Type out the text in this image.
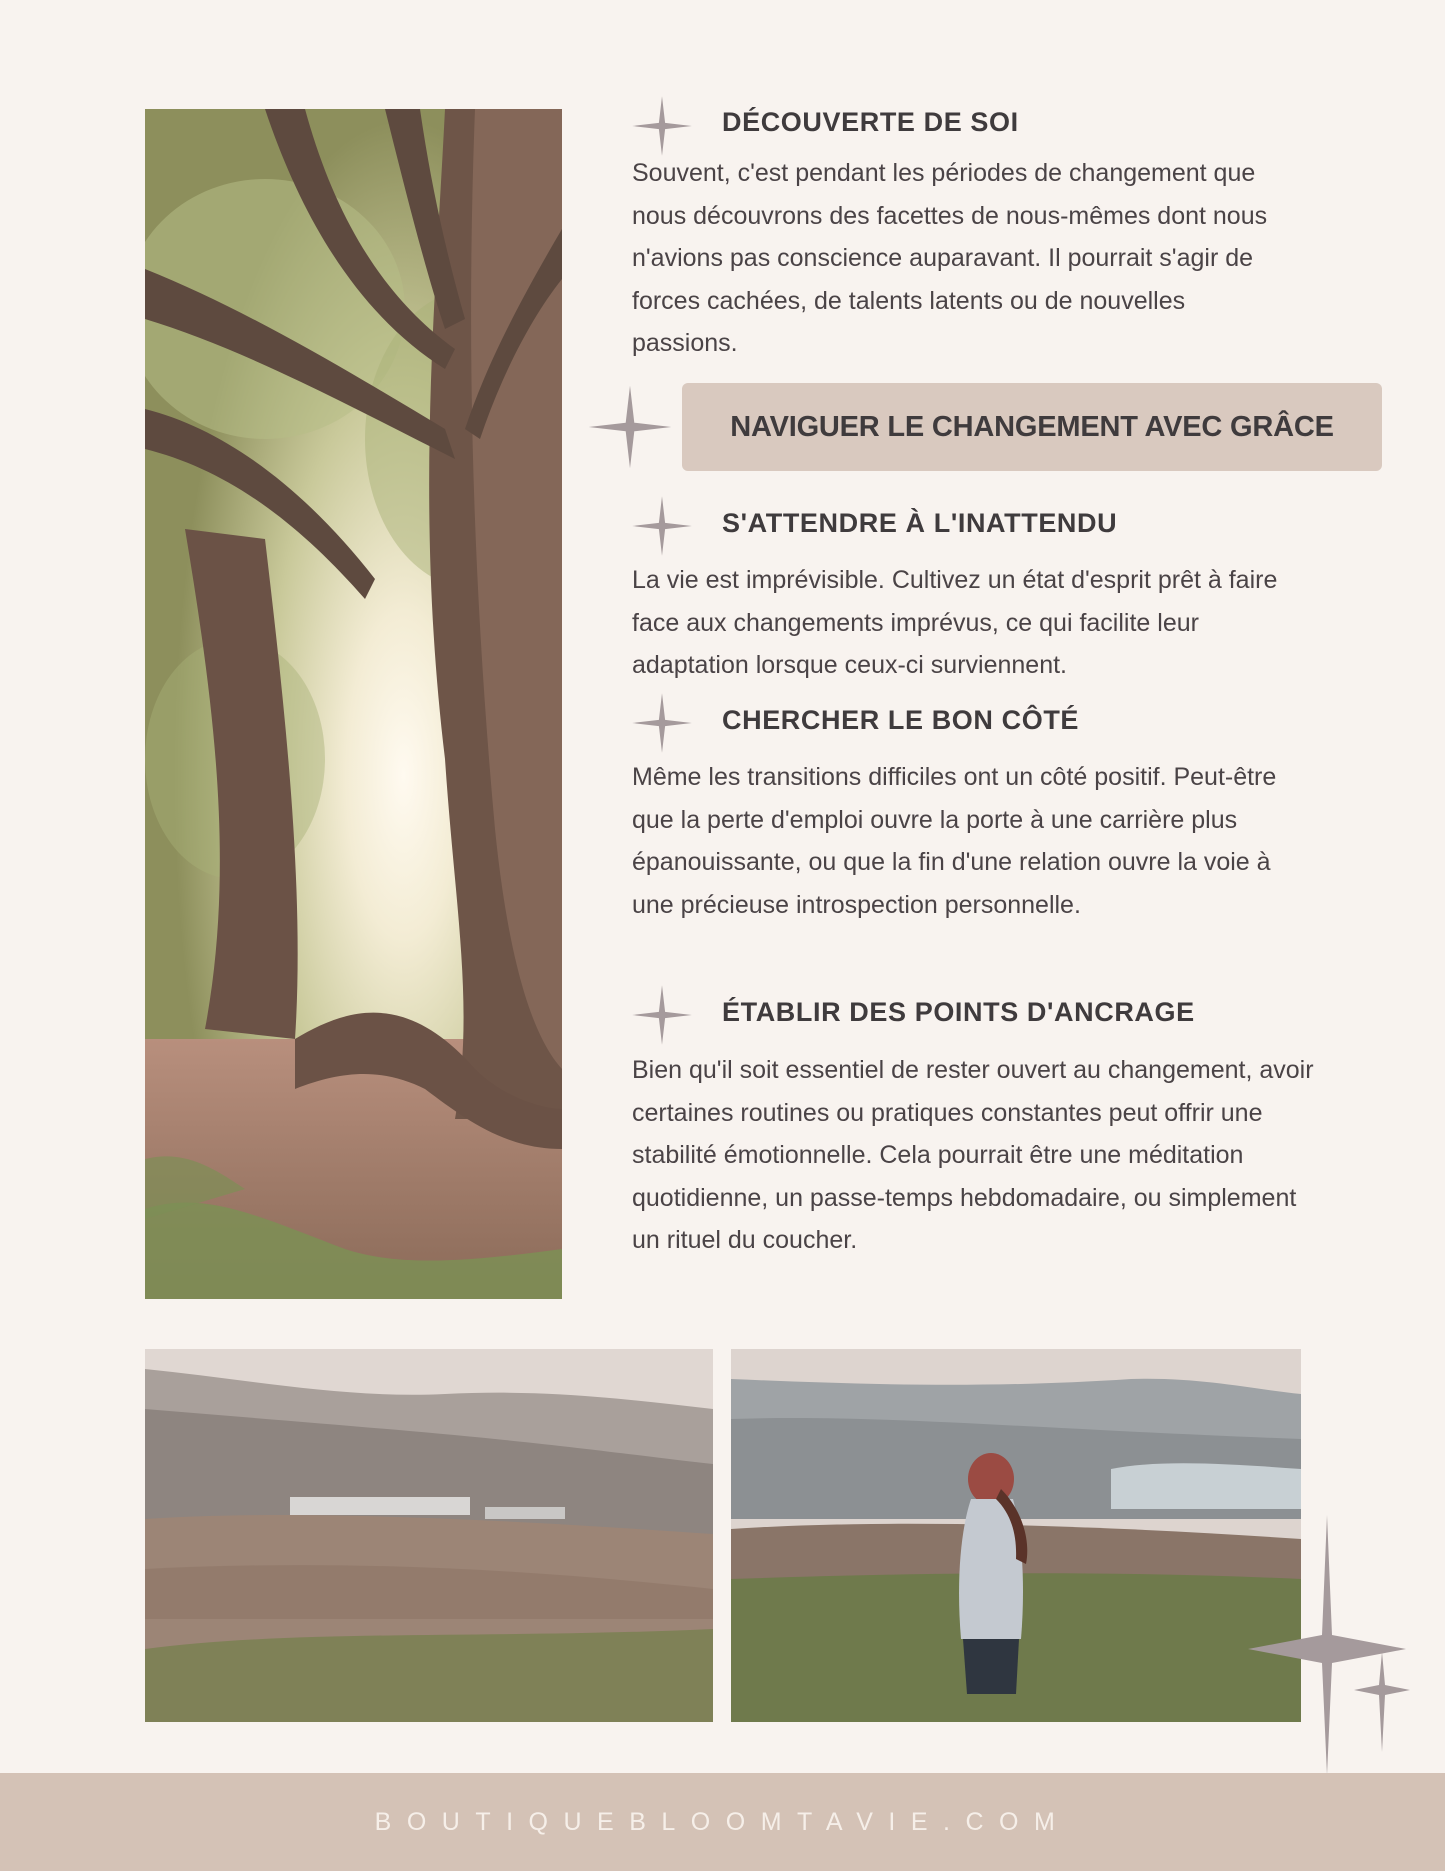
DÉCOUVERTE DE SOI
Souvent, c'est pendant les périodes de changement que nous découvrons des facettes de nous-mêmes dont nous n'avions pas conscience auparavant. Il pourrait s'agir de forces cachées, de talents latents ou de nouvelles passions.
NAVIGUER LE CHANGEMENT AVEC GRÂCE
S'ATTENDRE À L'INATTENDU
La vie est imprévisible. Cultivez un état d'esprit prêt à faire face aux changements imprévus, ce qui facilite leur adaptation lorsque ceux-ci surviennent.
CHERCHER LE BON CÔTÉ
Même les transitions difficiles ont un côté positif. Peut-être que la perte d'emploi ouvre la porte à une carrière plus épanouissante, ou que la fin d'une relation ouvre la voie à une précieuse introspection personnelle.
ÉTABLIR DES POINTS D'ANCRAGE
Bien qu'il soit essentiel de rester ouvert au changement, avoir certaines routines ou pratiques constantes peut offrir une stabilité émotionnelle. Cela pourrait être une méditation quotidienne, un passe-temps hebdomadaire, ou simplement un rituel du coucher.
BOUTIQUEBLOOMTAVIE.COM
